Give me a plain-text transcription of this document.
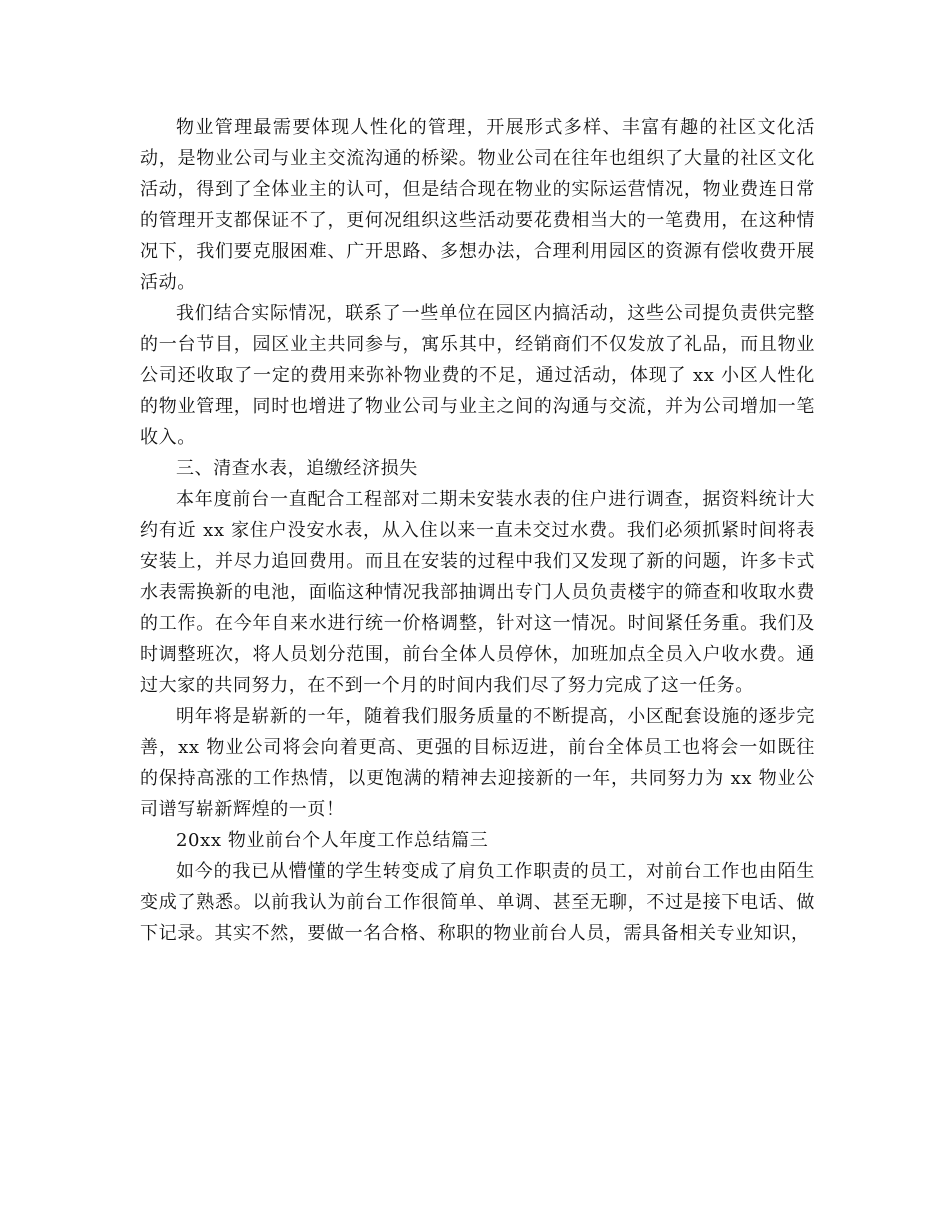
物业管理最需要体现人性化的管理，开展形式多样、丰富有趣的社区文化活动，是物业公司与业主交流沟通的桥梁。物业公司在往年也组织了大量的社区文化活动，得到了全体业主的认可，但是结合现在物业的实际运营情况，物业费连日常的管理开支都保证不了，更何况组织这些活动要花费相当大的一笔费用，在这种情况下，我们要克服困难、广开思路、多想办法，合理利用园区的资源有偿收费开展活动。

我们结合实际情况，联系了一些单位在园区内搞活动，这些公司提负责供完整的一台节目，园区业主共同参与，寓乐其中，经销商们不仅发放了礼品，而且物业公司还收取了一定的费用来弥补物业费的不足，通过活动，体现了 xx 小区人性化的物业管理，同时也增进了物业公司与业主之间的沟通与交流，并为公司增加一笔收入。

三、清查水表，追缴经济损失

本年度前台一直配合工程部对二期未安装水表的住户进行调查，据资料统计大约有近 xx 家住户没安水表，从入住以来一直未交过水费。我们必须抓紧时间将表安装上，并尽力追回费用。而且在安装的过程中我们又发现了新的问题，许多卡式水表需换新的电池，面临这种情况我部抽调出专门人员负责楼宇的筛查和收取水费的工作。在今年自来水进行统一价格调整，针对这一情况。时间紧任务重。我们及时调整班次，将人员划分范围，前台全体人员停休，加班加点全员入户收水费。通过大家的共同努力，在不到一个月的时间内我们尽了努力完成了这一任务。

明年将是崭新的一年，随着我们服务质量的不断提高，小区配套设施的逐步完善，xx 物业公司将会向着更高、更强的目标迈进，前台全体员工也将会一如既往的保持高涨的工作热情，以更饱满的精神去迎接新的一年，共同努力为 xx 物业公司谱写崭新辉煌的一页！

20xx 物业前台个人年度工作总结篇三

如今的我已从懵懂的学生转变成了肩负工作职责的员工，对前台工作也由陌生变成了熟悉。以前我认为前台工作很简单、单调、甚至无聊，不过是接下电话、做下记录。其实不然，要做一名合格、称职的物业前台人员，需具备相关专业知识，
